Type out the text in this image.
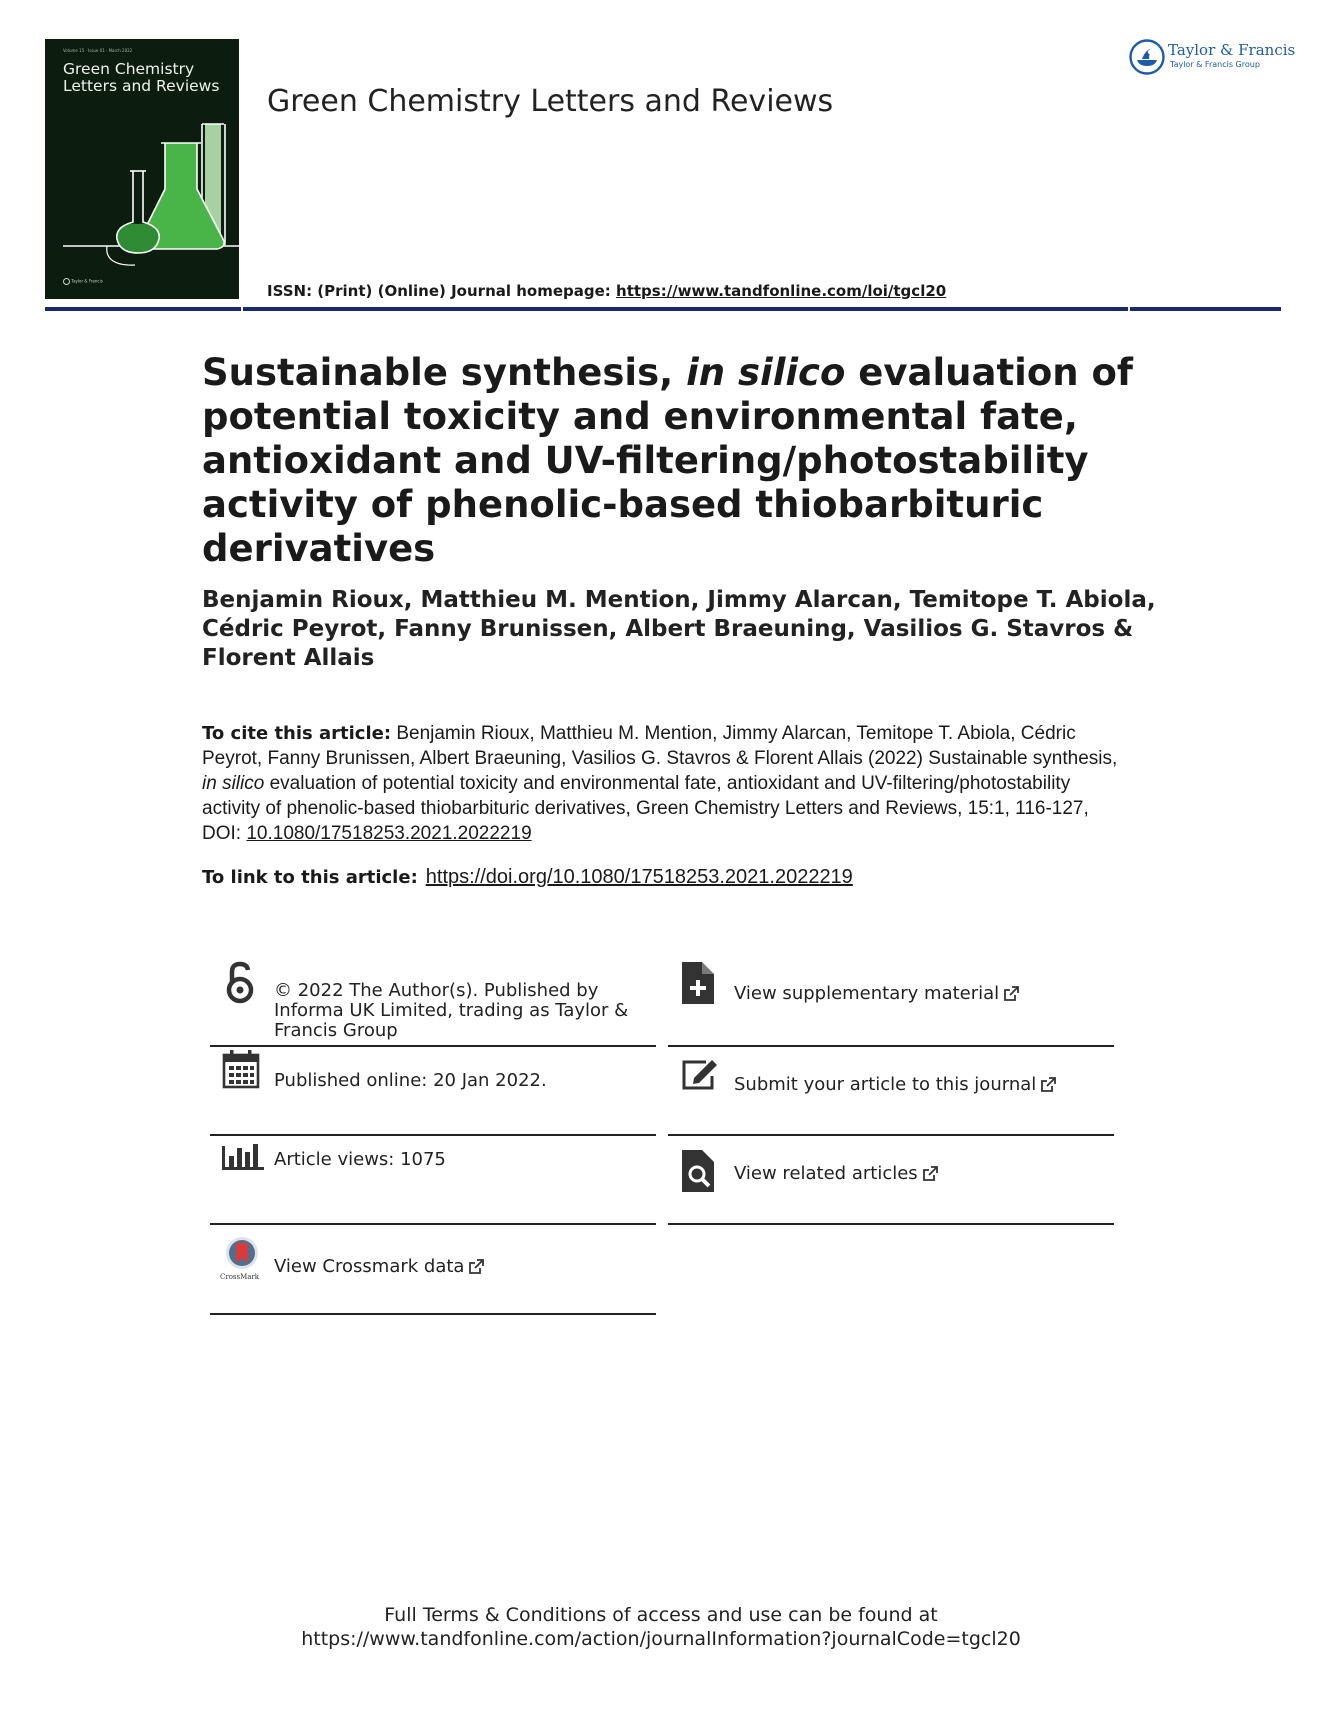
Volume 15 · Issue 01 · March 2022
Green Chemistry Letters and Reviews
Taylor & Francis
Green Chemistry Letters and Reviews
ISSN: (Print) (Online) Journal homepage: https://www.tandfonline.com/loi/tgcl20
Taylor & Francis
Taylor & Francis Group
Sustainable synthesis, in silico evaluation of potential toxicity and environmental fate, antioxidant and UV-filtering/photostability activity of phenolic-based thiobarbituric derivatives
Benjamin Rioux, Matthieu M. Mention, Jimmy Alarcan, Temitope T. Abiola, Cédric Peyrot, Fanny Brunissen, Albert Braeuning, Vasilios G. Stavros & Florent Allais
To cite this article: Benjamin Rioux, Matthieu M. Mention, Jimmy Alarcan, Temitope T. Abiola, Cédric Peyrot, Fanny Brunissen, Albert Braeuning, Vasilios G. Stavros & Florent Allais (2022) Sustainable synthesis, in silico evaluation of potential toxicity and environmental fate, antioxidant and UV-filtering/photostability activity of phenolic-based thiobarbituric derivatives, Green Chemistry Letters and Reviews, 15:1, 116-127, DOI: 10.1080/17518253.2021.2022219
To link to this article: https://doi.org/10.1080/17518253.2021.2022219
© 2022 The Author(s). Published by Informa UK Limited, trading as Taylor & Francis Group
Published online: 20 Jan 2022.
Article views: 1075
CrossMark View Crossmark data
View supplementary material
Submit your article to this journal
View related articles
Full Terms & Conditions of access and use can be found at
https://www.tandfonline.com/action/journalInformation?journalCode=tgcl20
